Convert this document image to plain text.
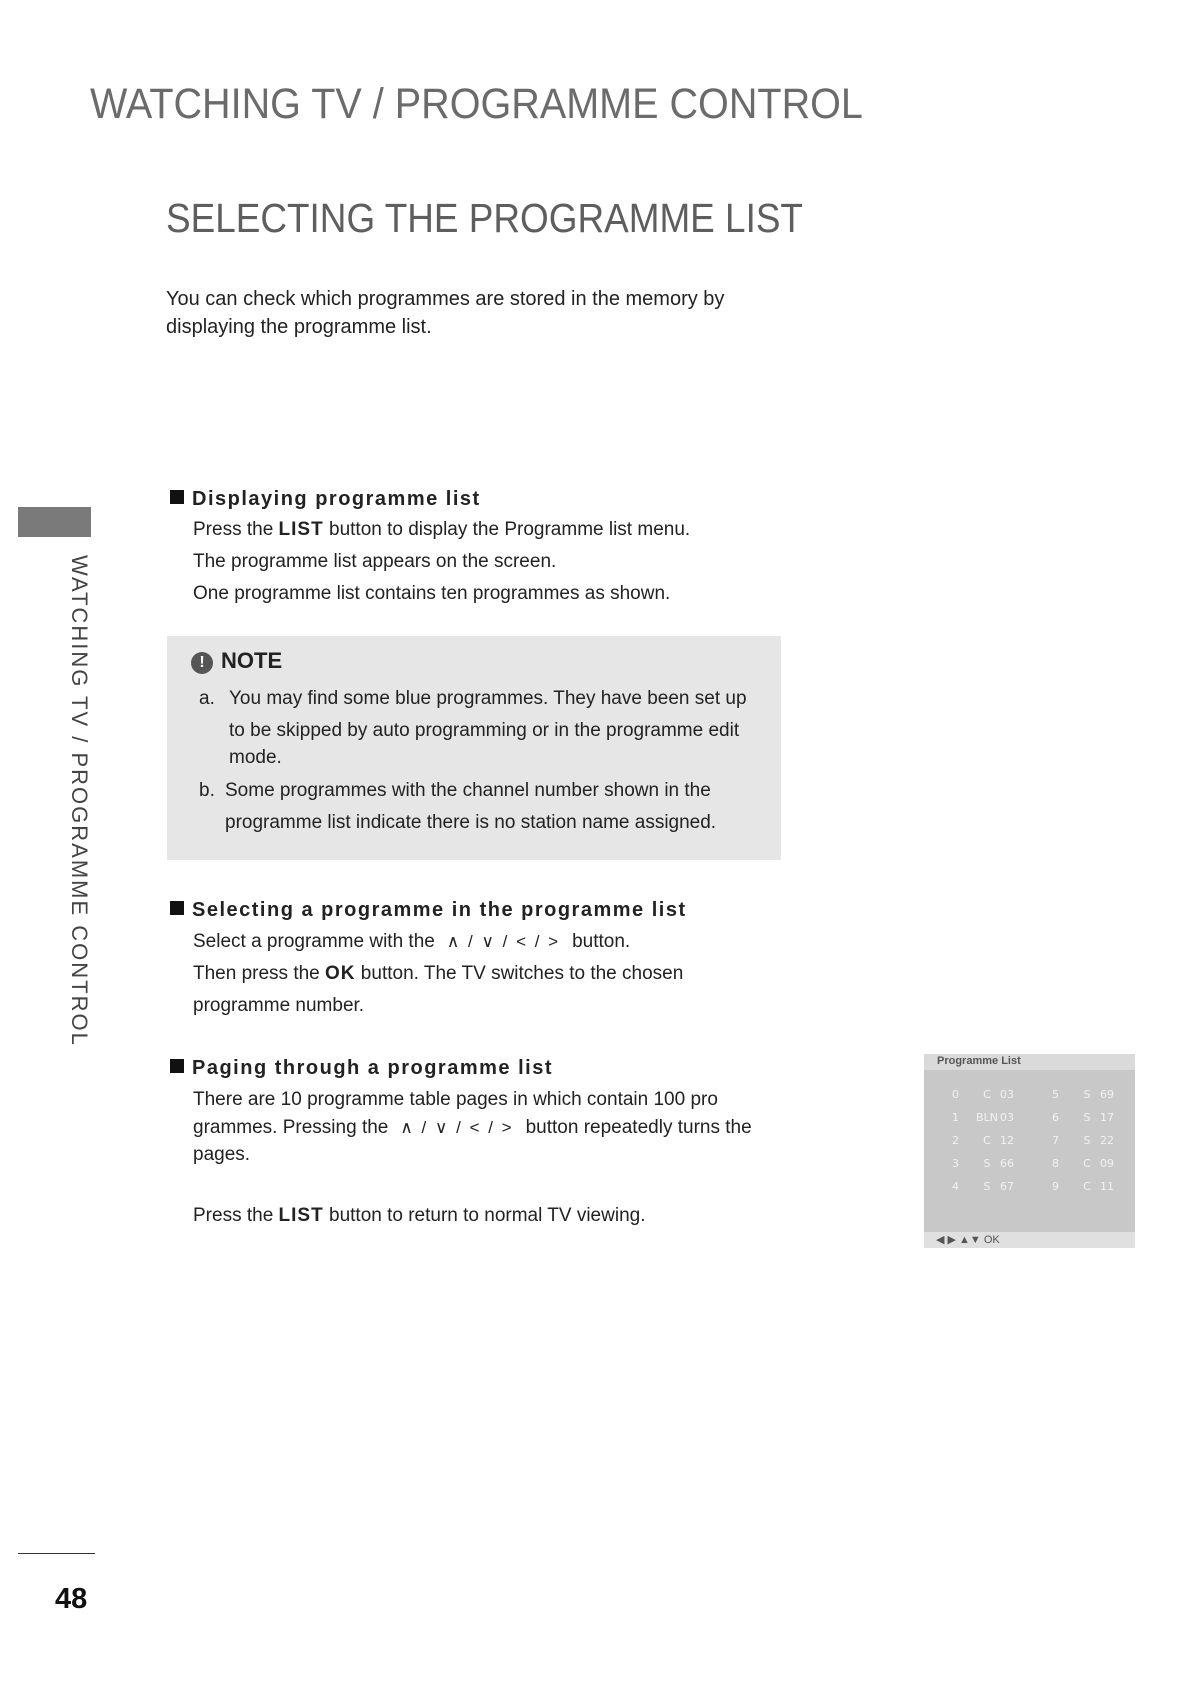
WATCHING TV / PROGRAMME CONTROL
SELECTING THE PROGRAMME LIST
You can check which programmes are stored in the memory by
displaying the programme list.
WATCHING TV / PROGRAMME CONTROL
Displaying programme list
Press the LIST button to display the Programme list menu.
The programme list appears on the screen.
One programme list contains ten programmes as shown.
! NOTE
a. You may find some blue programmes. They have been set up
to be skipped by auto programming or in the programme edit
mode.
b. Some programmes with the channel number shown in the
programme list indicate there is no station name assigned.
Selecting a programme in the programme list
Select a programme with the ∧ / ∨ / < / > button.
Then press the OK button. The TV switches to the chosen
programme number.
Paging through a programme list
There are 10 programme table pages in which contain 100 pro
grammes. Pressing the ∧ / ∨ / < / > button repeatedly turns the
pages.
Press the LIST button to return to normal TV viewing.
Programme List
0 C 03
1 BLN 03
2 C 12
3 S 66
4 S 67
5 S 69
6 S 17
7 S 22
8 C 09
9 C 11
◀ ▶ ▲▼ OK
48
